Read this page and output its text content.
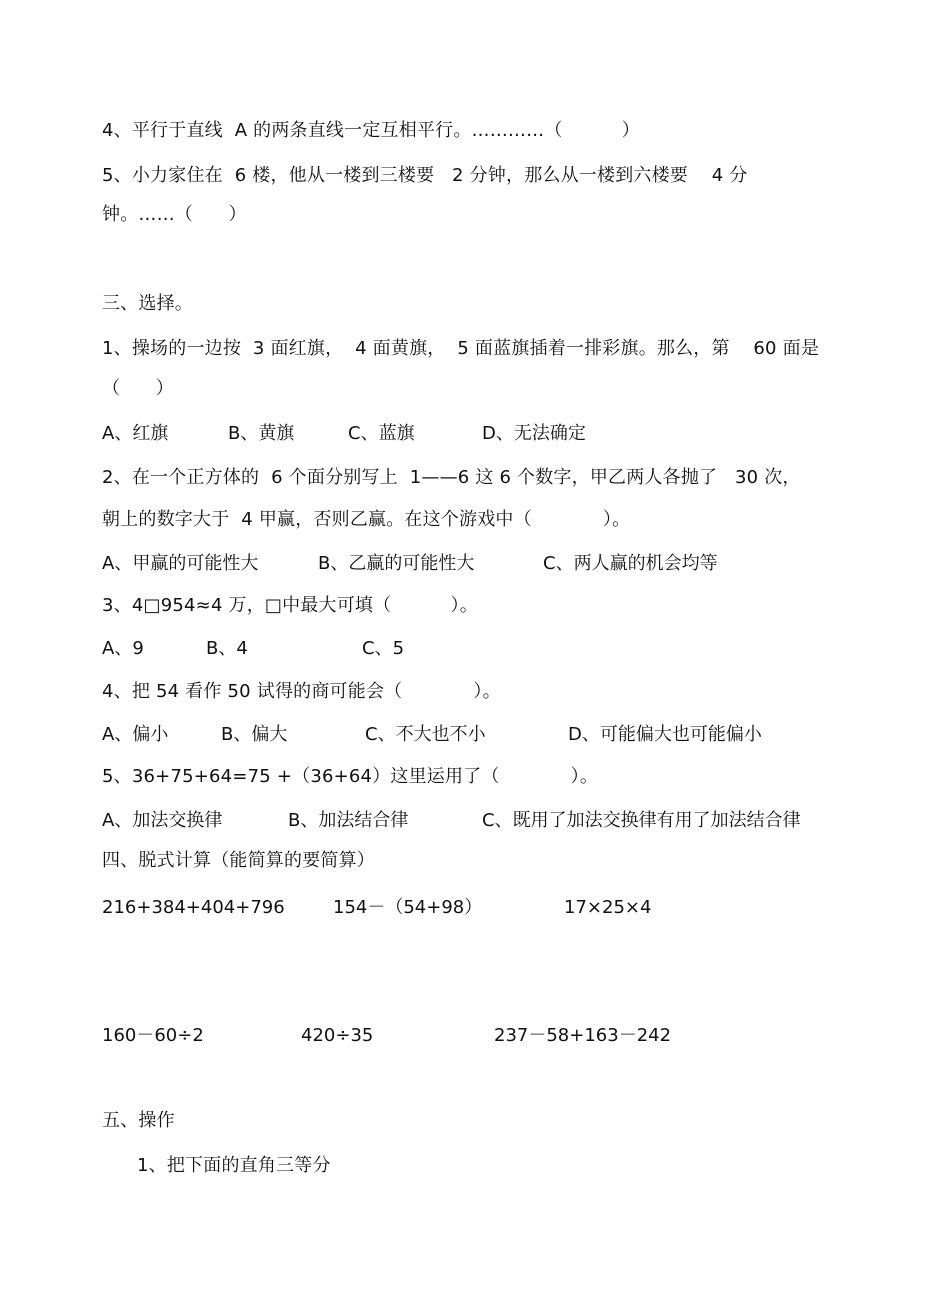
4、平行于直线  A 的两条直线一定互相平行。…………（          ）
5、小力家住在  6 楼，他从一楼到三楼要   2 分钟，那么从一楼到六楼要    4 分
钟。……（      ）
三、选择。
1、操场的一边按  3 面红旗，  4 面黄旗，  5 面蓝旗插着一排彩旗。那么，第    60 面是
（      ）
A、红旗	B、黄旗	C、蓝旗	D、无法确定
2、在一个正方体的  6 个面分别写上  1——6 这 6 个数字，甲乙两人各抛了   30 次，
朝上的数字大于  4 甲赢，否则乙赢。在这个游戏中（            ）。
A、甲赢的可能性大	B、乙赢的可能性大	C、两人赢的机会均等
3、4□954≈4 万，□中最大可填（          ）。
A、9	B、4	C、5
4、把 54 看作 50 试得的商可能会（            ）。
A、偏小	B、偏大	C、不大也不小	D、可能偏大也可能偏小
5、36+75+64=75 +（36+64）这里运用了（            ）。
A、加法交换律	B、加法结合律	C、既用了加法交换律有用了加法结合律
四、脱式计算（能简算的要简算）
216+384+404+796	154－（54+98）	17×25×4
160－60÷2	420÷35	237－58+163－242
五、操作
1、把下面的直角三等分
